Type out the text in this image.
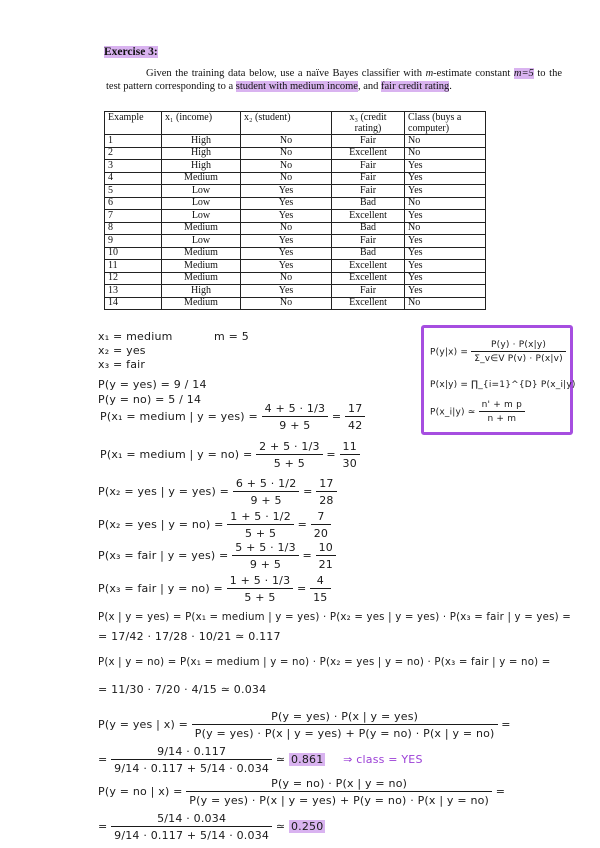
Exercise 3:
Given the training data below, use a naïve Bayes classifier with m-estimate constant m=5 to the test pattern corresponding to a student with medium income, and fair credit rating.
Example	x₁ (income)	x₂ (student)	x₃ (credit rating)	Class (buys a computer)
1	High	No	Fair	No
2	High	No	Excellent	No
3	High	No	Fair	Yes
4	Medium	No	Fair	Yes
5	Low	Yes	Fair	Yes
6	Low	Yes	Bad	No
7	Low	Yes	Excellent	Yes
8	Medium	No	Bad	No
9	Low	Yes	Fair	Yes
10	Medium	Yes	Bad	Yes
11	Medium	Yes	Excellent	Yes
12	Medium	No	Excellent	Yes
13	High	Yes	Fair	Yes
14	Medium	No	Excellent	No
x₁ = medium	m = 5
x₂ = yes
x₃ = fair
P(y = yes) = 9 / 14
P(y = no) = 5 / 14
P(x₁ = medium | $y = yes) = \frac{4 + 5 \cdot 1/3}{9 + 5} = \frac{17}{42}$
P(x₁ = medium | $y = no) = \frac{2 + 5 \cdot 1/3}{5 + 5} = \frac{11}{30}$
P(x₂ = yes | $y = yes) = \frac{6 + 5 \cdot 1/2}{9 + 5} = \frac{17}{28}$
P(x₂ = yes | $y = no) = \frac{1 + 5 \cdot 1/2}{5 + 5} = \frac{7}{20}$
P(x₃ = fair | $y = yes) = \frac{5 + 5 \cdot 1/3}{9 + 5} = \frac{10}{21}$
P(x₃ = fair | $y = no) = \frac{1 + 5 \cdot 1/3}{5 + 5} = \frac{4}{15}$
P(x | y = yes) = P(x₁ = medium | y = yes) · P(x₂ = yes | y = yes) · P(x₃ = fair | y = yes) =
= 17/42 · 17/28 · 10/21 ≃ 0.117
P(x | y = no) = P(x₁ = medium | y = no) · P(x₂ = yes | y = no) · P(x₃ = fair | y = no) =
= 11/30 · 7/20 · 4/15 ≃ 0.034
P(y = yes | $x) = \frac{\text{P(y = yes) · P(x | y = yes)}}{\text{P(y = yes) · P(x | y = yes) + P(y = no) · P(x | y = no)}}$ =
= $\frac{9/14 \cdot 0.117}{9/14 \cdot 0.117 + 5/14 \cdot 0.034}$ ≃ 0.861 ⇒ class = YES
P(y = no | $x) = \frac{P(y = no) \cdot P(x | y = no)}{\text{P(y = yes) · P(x | y = yes) + P(y = no) · P(x | y = no)}}$ =
= $\frac{5/14 \cdot 0.034}{9/14 \cdot 0.117 + 5/14 \cdot 0.034}$ ≃ 0.250
$P(y|x) = \frac{P(y) \cdot P(x|y)}{\text{Σ\_v∈V P(v) · P(x|v)}}$
P(x|y) = ∏_{i=1}^{D} P(x_i|y)
P(x_i|y) ≃ $\frac{\text{n' + m p}}{n + m}$
